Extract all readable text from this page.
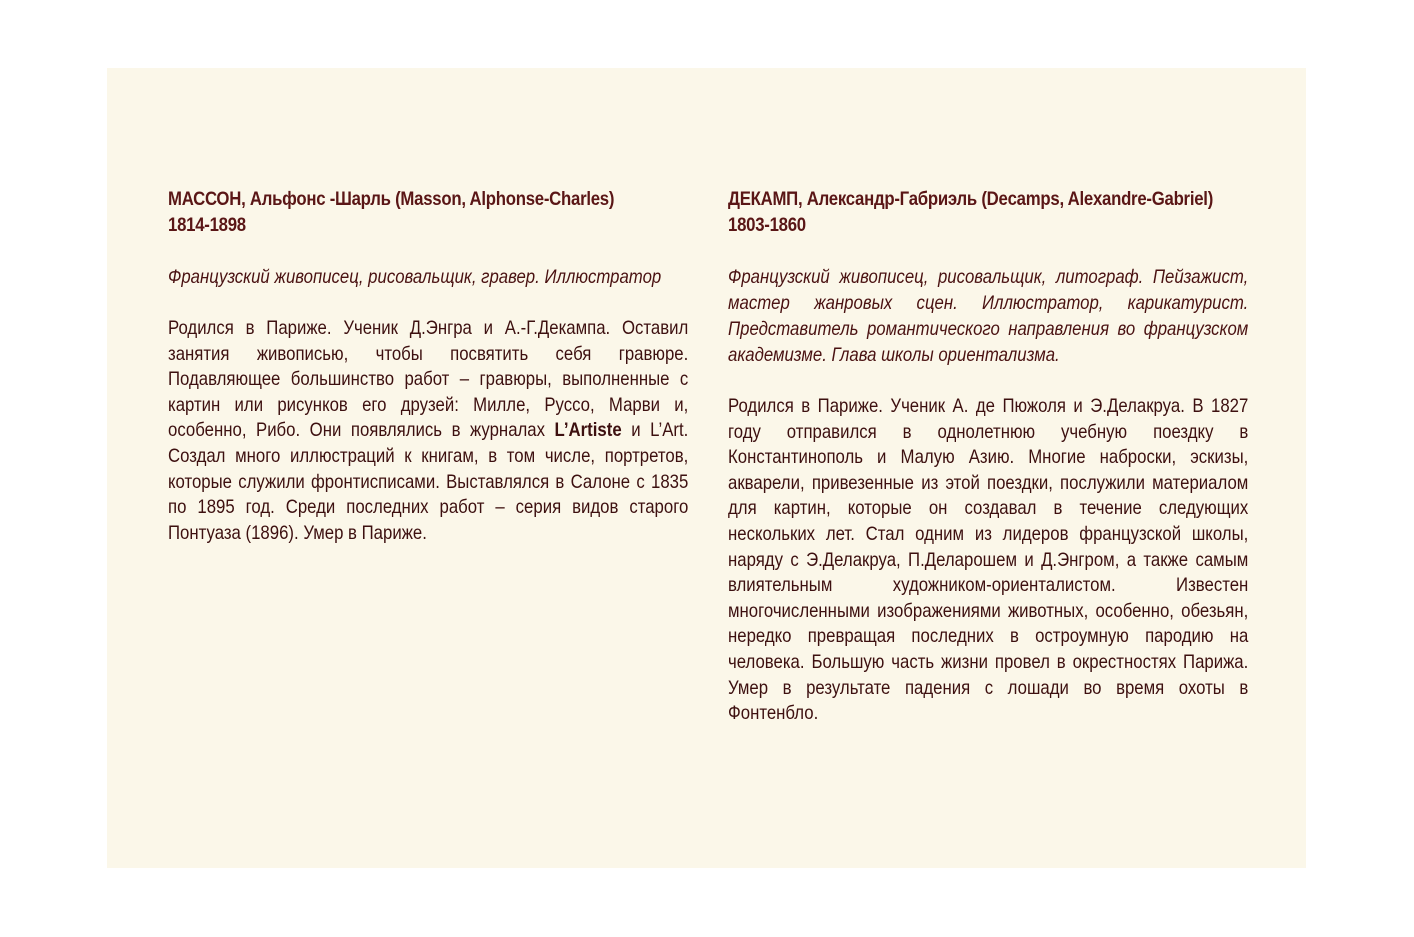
МАССОН, Альфонс -Шарль (Masson, Alphonse-Charles)
1814-1898

Французский живописец, рисовальщик, гравер. Иллюстратор

Родился в Париже. Ученик Д.Энгра и А.-Г.Декампа. Оставил занятия живописью, чтобы посвятить себя гравюре. Подавляющее большинство работ – гравюры, выполненные с картин или рисунков его друзей: Милле, Руссо, Марви и, особенно, Рибо. Они появлялись в журналах L’Artiste и L’Art. Создал много иллюстраций к книгам, в том числе, портретов, которые служили фронтисписами. Выставлялся в Салоне с 1835 по 1895 год. Среди последних работ – серия видов старого Понтуаза (1896). Умер в Париже.

ДЕКАМП, Александр-Габриэль (Decamps, Alexandre-Gabriel)
1803-1860

Французский живописец, рисовальщик, литограф. Пейзажист, мастер жанровых сцен. Иллюстратор, карикатурист. Представитель романтического направления во французском академизме. Глава школы ориентализма.

Родился в Париже. Ученик А. де Пюжоля и Э.Делакруа. В 1827 году отправился в однолетнюю учебную поездку в Константинополь и Малую Азию. Многие наброски, эскизы, акварели, привезенные из этой поездки, послужили материалом для картин, которые он создавал в течение следующих нескольких лет. Стал одним из лидеров французской школы, наряду с Э.Делакруа, П.Деларошем и Д.Энгром, а также самым влиятельным художником-ориенталистом. Известен многочисленными изображениями животных, особенно, обезьян, нередко превращая последних в остроумную пародию на человека. Большую часть жизни провел в окрестностях Парижа. Умер в результате падения с лошади во время охоты в Фонтенбло.
